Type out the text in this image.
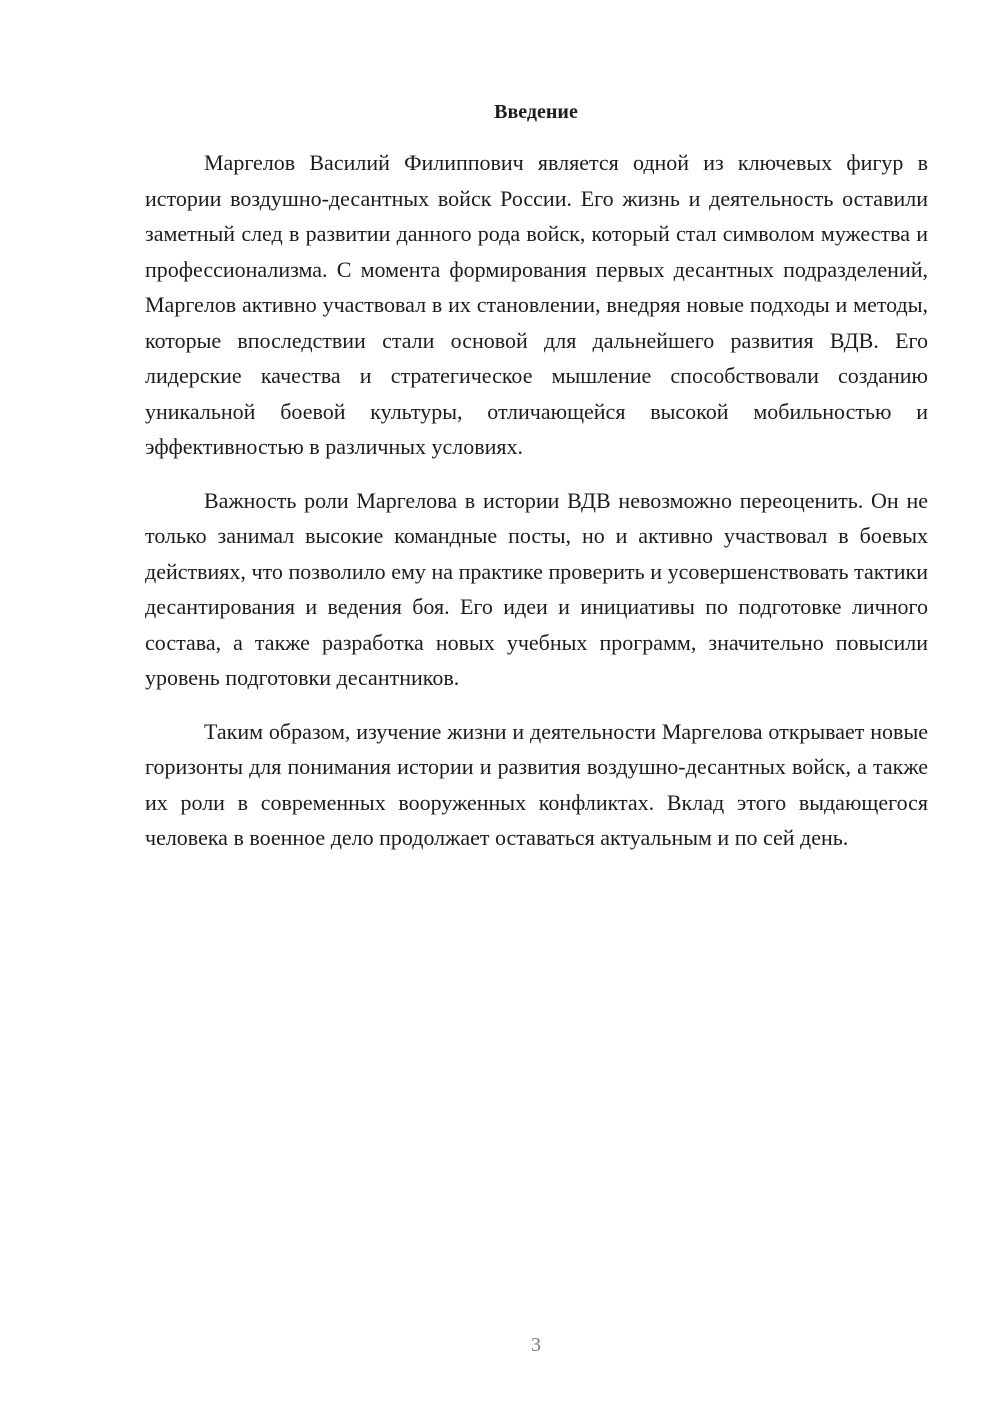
Введение

Маргелов Василий Филиппович является одной из ключевых фигур в истории воздушно-десантных войск России. Его жизнь и деятельность оставили заметный след в развитии данного рода войск, который стал символом мужества и профессионализма. С момента формирования первых десантных подразделений, Маргелов активно участвовал в их становлении, внедряя новые подходы и методы, которые впоследствии стали основой для дальнейшего развития ВДВ. Его лидерские качества и стратегическое мышление способствовали созданию уникальной боевой культуры, отличающейся высокой мобильностью и эффективностью в различных условиях.

Важность роли Маргелова в истории ВДВ невозможно переоценить. Он не только занимал высокие командные посты, но и активно участвовал в боевых действиях, что позволило ему на практике проверить и усовершенствовать тактики десантирования и ведения боя. Его идеи и инициативы по подготовке личного состава, а также разработка новых учебных программ, значительно повысили уровень подготовки десантников.

Таким образом, изучение жизни и деятельности Маргелова открывает новые горизонты для понимания истории и развития воздушно-десантных войск, а также их роли в современных вооруженных конфликтах. Вклад этого выдающегося человека в военное дело продолжает оставаться актуальным и по сей день.

3
